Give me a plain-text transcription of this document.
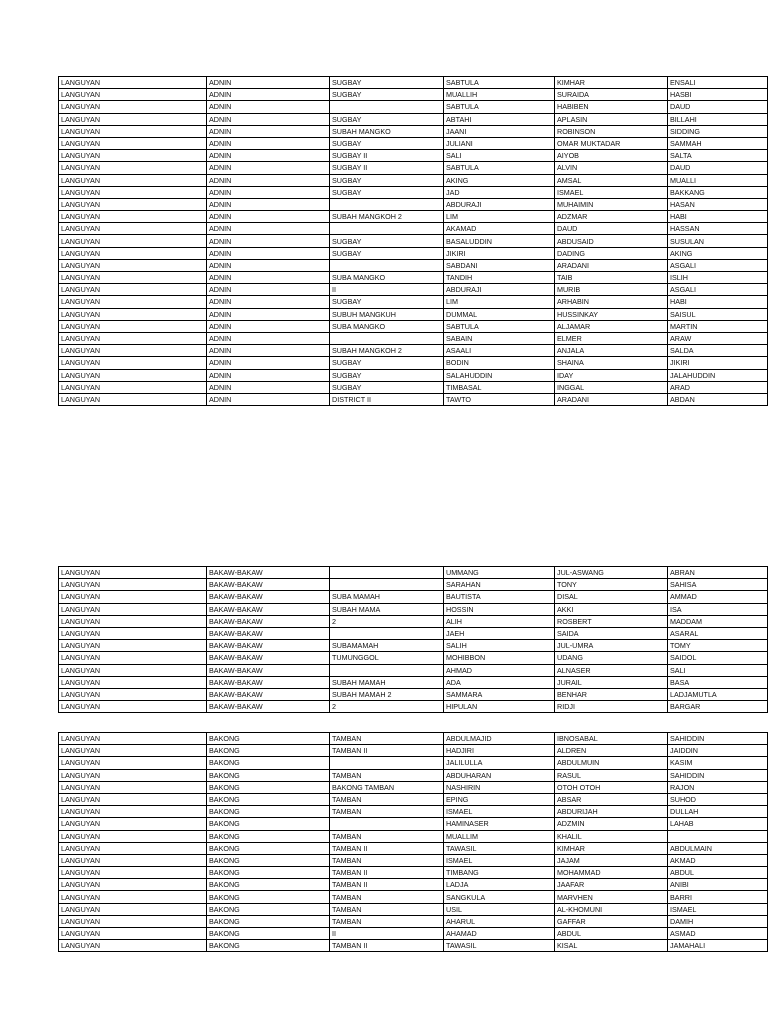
LANGUYAN	ADNIN	SUGBAY	SABTULA	KIMHAR	ENSALI
LANGUYAN	ADNIN	SUGBAY	MUALLIH	SURAIDA	HASBI
LANGUYAN	ADNIN		SABTULA	HABIBEN	DAUD
LANGUYAN	ADNIN	SUGBAY	ABTAHI	APLASIN	BILLAHI
LANGUYAN	ADNIN	SUBAH MANGKO	JAANI	ROBINSON	SIDDING
LANGUYAN	ADNIN	SUGBAY	JULIANI	OMAR MUKTADAR	SAMMAH
LANGUYAN	ADNIN	SUGBAY II	SALI	AIYOB	SALTA
LANGUYAN	ADNIN	SUGBAY II	SABTULA	ALVIN	DAUD
LANGUYAN	ADNIN	SUGBAY	AKING	AMSAL	MUALLI
LANGUYAN	ADNIN	SUGBAY	JAD	ISMAEL	BAKKANG
LANGUYAN	ADNIN		ABDURAJI	MUHAIMIN	HASAN
LANGUYAN	ADNIN	SUBAH MANGKOH 2	LIM	ADZMAR	HABI
LANGUYAN	ADNIN		AKAMAD	DAUD	HASSAN
LANGUYAN	ADNIN	SUGBAY	BASALUDDIN	ABDUSAID	SUSULAN
LANGUYAN	ADNIN	SUGBAY	JIKIRI	DADING	AKING
LANGUYAN	ADNIN		SABDANI	ARADANI	ASGALI
LANGUYAN	ADNIN	SUBA MANGKO	TANDIH	TAIB	ISLIH
LANGUYAN	ADNIN	II	ABDURAJI	MURIB	ASGALI
LANGUYAN	ADNIN	SUGBAY	LIM	ARHABIN	HABI
LANGUYAN	ADNIN	SUBUH MANGKUH	DUMMAL	HUSSINKAY	SAISUL
LANGUYAN	ADNIN	SUBA MANGKO	SABTULA	ALJAMAR	MARTIN
LANGUYAN	ADNIN		SABAIN	ELMER	ARAW
LANGUYAN	ADNIN	SUBAH MANGKOH 2	ASAALI	ANJALA	SALDA
LANGUYAN	ADNIN	SUGBAY	BODIN	SHAINA	JIKIRI
LANGUYAN	ADNIN	SUGBAY	SALAHUDDIN	IDAY	JALAHUDDIN
LANGUYAN	ADNIN	SUGBAY	TIMBASAL	INGGAL	ARAD
LANGUYAN	ADNIN	DISTRICT II	TAWTO	ARADANI	ABDAN
LANGUYAN	BAKAW-BAKAW		UMMANG	JUL-ASWANG	ABRAN
LANGUYAN	BAKAW-BAKAW		SARAHAN	TONY	SAHISA
LANGUYAN	BAKAW-BAKAW	SUBA MAMAH	BAUTISTA	DISAL	AMMAD
LANGUYAN	BAKAW-BAKAW	SUBAH MAMA	HOSSIN	AKKI	ISA
LANGUYAN	BAKAW-BAKAW	2	ALIH	ROSBERT	MADDAM
LANGUYAN	BAKAW-BAKAW		JAEH	SAIDA	ASARAL
LANGUYAN	BAKAW-BAKAW	SUBAMAMAH	SALIH	JUL-UMRA	TOMY
LANGUYAN	BAKAW-BAKAW	TUMUNGGOL	MOHIBBON	UDANG	SAIDOL
LANGUYAN	BAKAW-BAKAW		AHMAD	ALNASER	SALI
LANGUYAN	BAKAW-BAKAW	SUBAH MAMAH	ADA	JURAIL	BASA
LANGUYAN	BAKAW-BAKAW	SUBAH MAMAH 2	SAMMARA	BENHAR	LADJAMUTLA
LANGUYAN	BAKAW-BAKAW	2	HIPULAN	RIDJI	BARGAR
LANGUYAN	BAKONG	TAMBAN	ABDULMAJID	IBNOSABAL	SAHIDDIN
LANGUYAN	BAKONG	TAMBAN II	HADJIRI	ALDREN	JAIDDIN
LANGUYAN	BAKONG		JALILULLA	ABDULMUIN	KASIM
LANGUYAN	BAKONG	TAMBAN	ABDUHARAN	RASUL	SAHIDDIN
LANGUYAN	BAKONG	BAKONG TAMBAN	NASHIRIN	OTOH OTOH	RAJON
LANGUYAN	BAKONG	TAMBAN	EPING	ABSAR	SUHOD
LANGUYAN	BAKONG	TAMBAN	ISMAEL	ABDURIJAH	DULLAH
LANGUYAN	BAKONG		HAMINASER	ADZMIN	LAHAB
LANGUYAN	BAKONG	TAMBAN	MUALLIM	KHALIL	
LANGUYAN	BAKONG	TAMBAN II	TAWASIL	KIMHAR	ABDULMAIN
LANGUYAN	BAKONG	TAMBAN	ISMAEL	JAJAM	AKMAD
LANGUYAN	BAKONG	TAMBAN II	TIMBANG	MOHAMMAD	ABDUL
LANGUYAN	BAKONG	TAMBAN II	LADJA	JAAFAR	ANIBI
LANGUYAN	BAKONG	TAMBAN	SANGKULA	MARVHEN	BARRI
LANGUYAN	BAKONG	TAMBAN	USIL	AL-KHOMUNI	ISMAEL
LANGUYAN	BAKONG	TAMBAN	AHARUL	GAFFAR	DAMIH
LANGUYAN	BAKONG	II	AHAMAD	ABDUL	ASMAD
LANGUYAN	BAKONG	TAMBAN II	TAWASIL	KISAL	JAMAHALI
